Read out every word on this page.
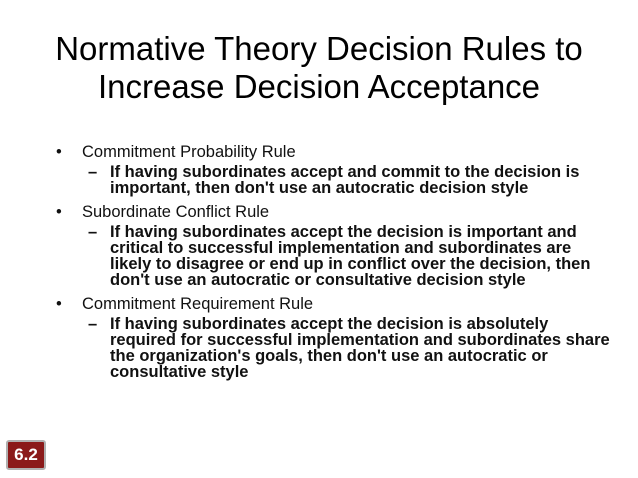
Normative Theory Decision Rules to
Increase Decision Acceptance
• Commitment Probability Rule
– If having subordinates accept and commit to the decision is important, then don't use an autocratic decision style
• Subordinate Conflict Rule
– If having subordinates accept the decision is important and critical to successful implementation and subordinates are likely to disagree or end up in conflict over the decision, then don't use an autocratic or consultative decision style
• Commitment Requirement Rule
– If having subordinates accept the decision is absolutely required for successful implementation and subordinates share the organization's goals, then don't use an autocratic or consultative style
6.2
